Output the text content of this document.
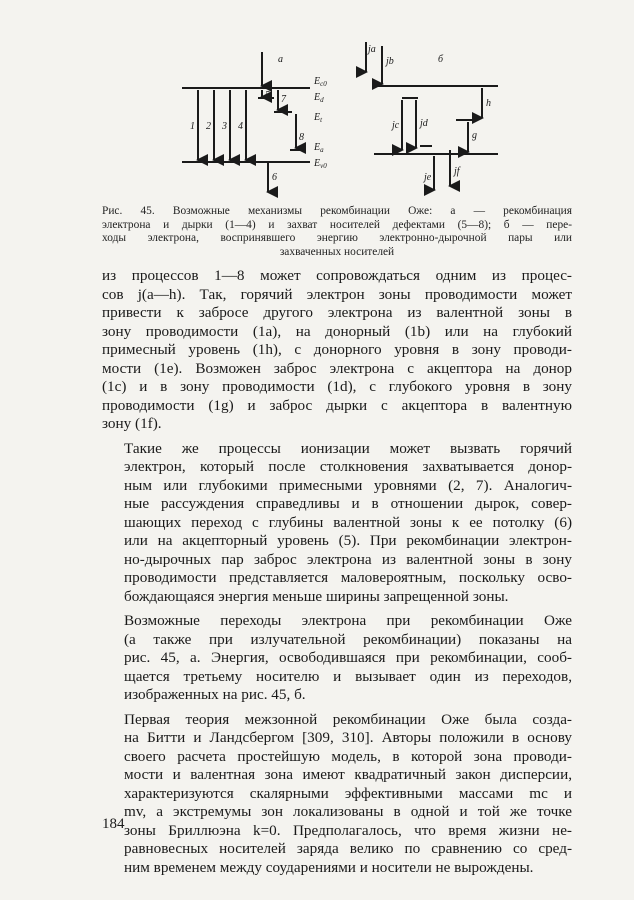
a
$E_{c0}$
$E_d$
$E_t$
$E_a$
$E_{v0}$
1 2 3 4
5 7
8
6
б
ja
jb
jc jd
je
jf
g
h
Рис. 45. Возможные механизмы рекомбинации Оже: а — рекомбинация
электрона и дырки (1—4) и захват носителей дефектами (5—8); б — пере-
ходы электрона, воспринявшего энергию электронно-дырочной пары или
захваченных носителей

из процессов 1—8 может сопровождаться одним из процес-
сов j(a—h). Так, горячий электрон зоны проводимости может
привести к забросе другого электрона из валентной зоны в
зону проводимости (1a), на донорный (1b) или на глубокий
примесный уровень (1h), с донорного уровня в зону проводи-
мости (1e). Возможен заброс электрона с акцептора на донор
(1c) и в зону проводимости (1d), с глубокого уровня в зону
проводимости (1g) и заброс дырки с акцептора в валентную
зону (1f).

Такие же процессы ионизации может вызвать горячий
электрон, который после столкновения захватывается донор-
ным или глубокими примесными уровнями (2, 7). Аналогич-
ные рассуждения справедливы и в отношении дырок, совер-
шающих переход с глубины валентной зоны к ее потолку (6)
или на акцепторный уровень (5). При рекомбинации электрон-
но-дырочных пар заброс электрона из валентной зоны в зону
проводимости представляется маловероятным, поскольку осво-
бождающаяся энергия меньше ширины запрещенной зоны.

Возможные переходы электрона при рекомбинации Оже
(а также при излучательной рекомбинации) показаны на
рис. 45, а. Энергия, освободившаяся при рекомбинации, сооб-
щается третьему носителю и вызывает один из переходов,
изображенных на рис. 45, б.

Первая теория межзонной рекомбинации Оже была созда-
на Битти и Ландсбергом [309, 310]. Авторы положили в основу
своего расчета простейшую модель, в которой зона проводи-
мости и валентная зона имеют квадратичный закон дисперсии,
характеризуются скалярными эффективными массами mc и
mv, а экстремумы зон локализованы в одной и той же точке
зоны Бриллюэна k=0. Предполагалось, что время жизни не-
равновесных носителей заряда велико по сравнению со сред-
ним временем между соударениями и носители не вырождены.

184
